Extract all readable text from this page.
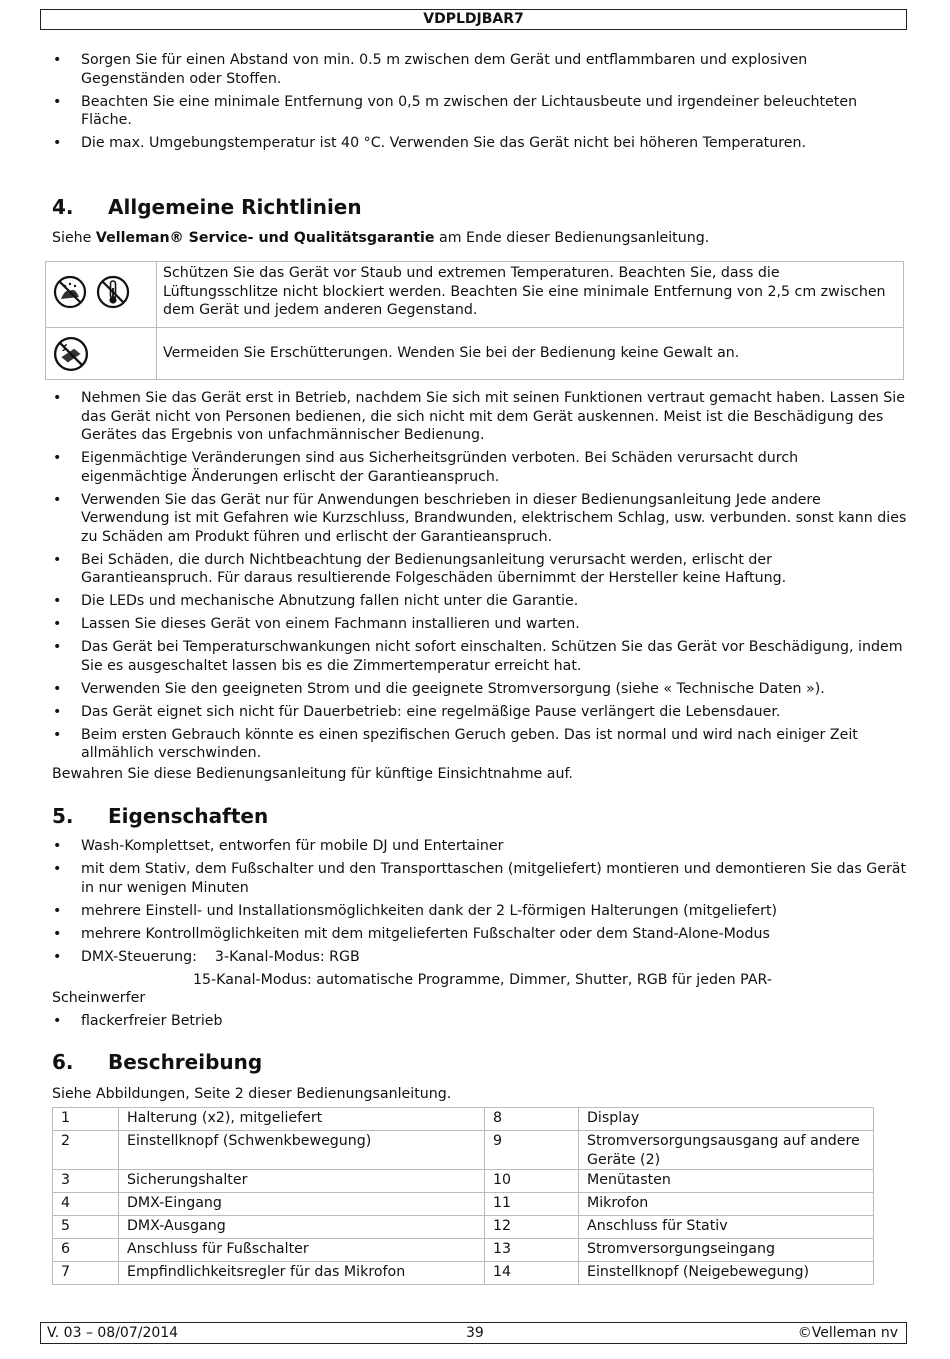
VDPLDJBAR7
• Sorgen Sie für einen Abstand von min. 0.5 m zwischen dem Gerät und entflammbaren und explosiven Gegenständen oder Stoffen.
• Beachten Sie eine minimale Entfernung von 0,5 m zwischen der Lichtausbeute und irgendeiner beleuchteten Fläche.
• Die max. Umgebungstemperatur ist 40 °C. Verwenden Sie das Gerät nicht bei höheren Temperaturen.
4. Allgemeine Richtlinien
Siehe Velleman® Service- und Qualitätsgarantie am Ende dieser Bedienungsanleitung.
	Schützen Sie das Gerät vor Staub und extremen Temperaturen. Beachten Sie, dass die Lüftungsschlitze nicht blockiert werden. Beachten Sie eine minimale Entfernung von 2,5 cm zwischen dem Gerät und jedem anderen Gegenstand.

	Vermeiden Sie Erschütterungen. Wenden Sie bei der Bedienung keine Gewalt an.
• Nehmen Sie das Gerät erst in Betrieb, nachdem Sie sich mit seinen Funktionen vertraut gemacht haben. Lassen Sie das Gerät nicht von Personen bedienen, die sich nicht mit dem Gerät auskennen. Meist ist die Beschädigung des Gerätes das Ergebnis von unfachmännischer Bedienung.
• Eigenmächtige Veränderungen sind aus Sicherheitsgründen verboten. Bei Schäden verursacht durch eigenmächtige Änderungen erlischt der Garantieanspruch.
• Verwenden Sie das Gerät nur für Anwendungen beschrieben in dieser Bedienungsanleitung Jede andere Verwendung ist mit Gefahren wie Kurzschluss, Brandwunden, elektrischem Schlag, usw. verbunden. sonst kann dies zu Schäden am Produkt führen und erlischt der Garantieanspruch.
• Bei Schäden, die durch Nichtbeachtung der Bedienungsanleitung verursacht werden, erlischt der Garantieanspruch. Für daraus resultierende Folgeschäden übernimmt der Hersteller keine Haftung.
• Die LEDs und mechanische Abnutzung fallen nicht unter die Garantie.
• Lassen Sie dieses Gerät von einem Fachmann installieren und warten.
• Das Gerät bei Temperaturschwankungen nicht sofort einschalten. Schützen Sie das Gerät vor Beschädigung, indem Sie es ausgeschaltet lassen bis es die Zimmertemperatur erreicht hat.
• Verwenden Sie den geeigneten Strom und die geeignete Stromversorgung (siehe « Technische Daten »).
• Das Gerät eignet sich nicht für Dauerbetrieb: eine regelmäßige Pause verlängert die Lebensdauer.
• Beim ersten Gebrauch könnte es einen spezifischen Geruch geben. Das ist normal und wird nach einiger Zeit allmählich verschwinden.
Bewahren Sie diese Bedienungsanleitung für künftige Einsichtnahme auf.
5. Eigenschaften
• Wash-Komplettset, entworfen für mobile DJ und Entertainer
• mit dem Stativ, dem Fußschalter und den Transporttaschen (mitgeliefert) montieren und demontieren Sie das Gerät in nur wenigen Minuten
• mehrere Einstell- und Installationsmöglichkeiten dank der 2 L-förmigen Halterungen (mitgeliefert)
• mehrere Kontrollmöglichkeiten mit dem mitgelieferten Fußschalter oder dem Stand-Alone-Modus
• DMX-Steuerung: 3-Kanal-Modus: RGB
15-Kanal-Modus: automatische Programme, Dimmer, Shutter, RGB für jeden PAR-
Scheinwerfer
• flackerfreier Betrieb
6. Beschreibung
Siehe Abbildungen, Seite 2 dieser Bedienungsanleitung.
1	Halterung (x2), mitgeliefert	8	Display
2	Einstellknopf (Schwenkbewegung)	9	Stromversorgungsausgang auf andere Geräte (2)
3	Sicherungshalter	10	Menütasten
4	DMX-Eingang	11	Mikrofon
5	DMX-Ausgang	12	Anschluss für Stativ
6	Anschluss für Fußschalter	13	Stromversorgungseingang
7	Empfindlichkeitsregler für das Mikrofon	14	Einstellknopf (Neigebewegung)
V. 03 – 08/07/2014	39	©Velleman nv
